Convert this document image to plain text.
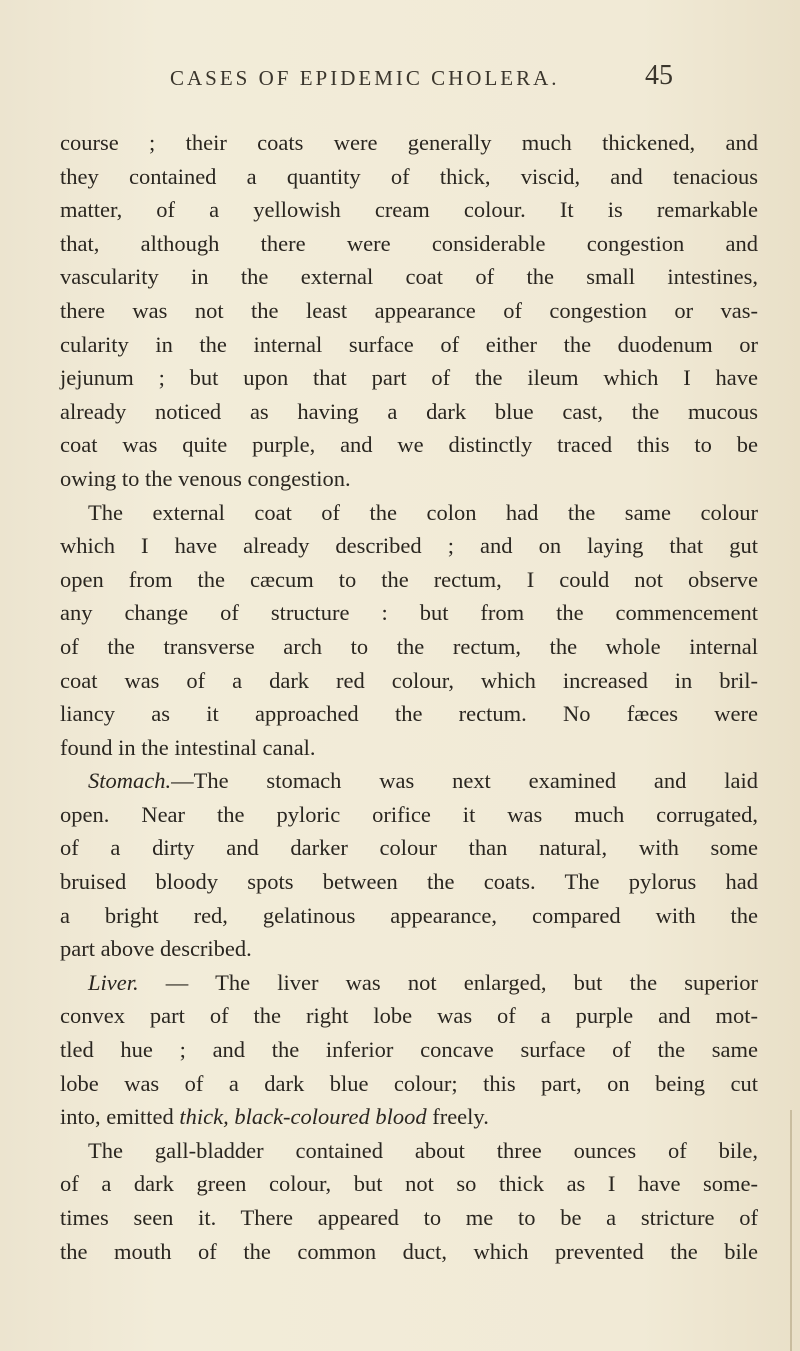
CASES OF EPIDEMIC CHOLERA.	45
course ; their coats were generally much thickened, and
they contained a quantity of thick, viscid, and tenacious
matter, of a yellowish cream colour. It is remarkable
that, although there were considerable congestion and
vascularity in the external coat of the small intestines,
there was not the least appearance of congestion or vas-
cularity in the internal surface of either the duodenum or
jejunum ; but upon that part of the ileum which I have
already noticed as having a dark blue cast, the mucous
coat was quite purple, and we distinctly traced this to be
owing to the venous congestion.
The external coat of the colon had the same colour
which I have already described ; and on laying that gut
open from the cæcum to the rectum, I could not observe
any change of structure : but from the commencement
of the transverse arch to the rectum, the whole internal
coat was of a dark red colour, which increased in bril-
liancy as it approached the rectum. No fæces were
found in the intestinal canal.
Stomach.—The stomach was next examined and laid
open. Near the pyloric orifice it was much corrugated,
of a dirty and darker colour than natural, with some
bruised bloody spots between the coats. The pylorus had
a bright red, gelatinous appearance, compared with the
part above described.
Liver. — The liver was not enlarged, but the superior
convex part of the right lobe was of a purple and mot-
tled hue ; and the inferior concave surface of the same
lobe was of a dark blue colour; this part, on being cut
into, emitted thick, black-coloured blood freely.
The gall-bladder contained about three ounces of bile,
of a dark green colour, but not so thick as I have some-
times seen it. There appeared to me to be a stricture of
the mouth of the common duct, which prevented the bile
